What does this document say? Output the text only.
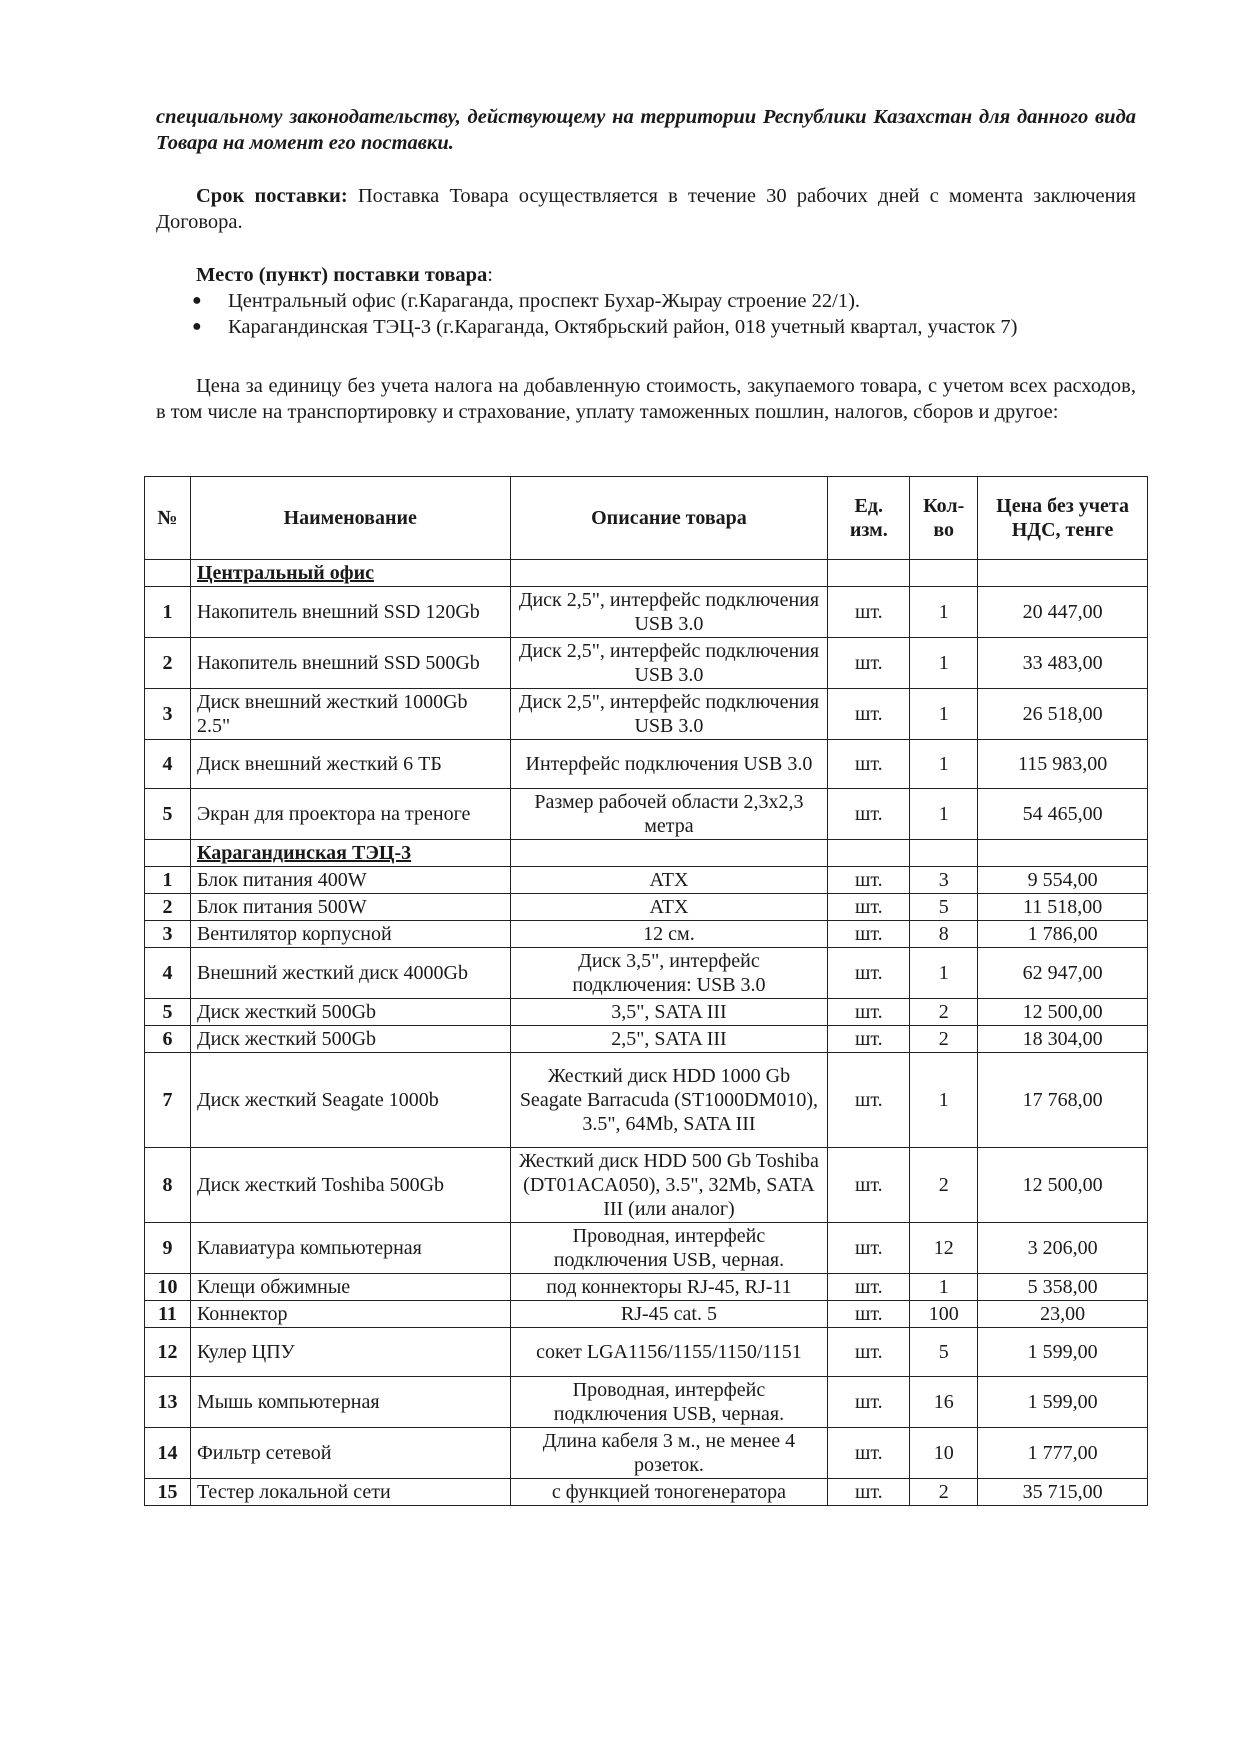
специальному законодательству, действующему на территории Республики Казахстан для данного вида Товара на момент его поставки.
Срок поставки: Поставка Товара осуществляется в течение 30 рабочих дней с момента заключения Договора.
Место (пункт) поставки товара:
● Центральный офис (г.Караганда, проспект Бухар-Жырау строение 22/1).
● Карагандинская ТЭЦ-3 (г.Караганда, Октябрьский район, 018 учетный квартал, участок 7)
Цена за единицу без учета налога на добавленную стоимость, закупаемого товара, с учетом всех расходов, в том числе на транспортировку и страхование, уплату таможенных пошлин, налогов, сборов и другое:
№	Наименование	Описание товара	Ед. изм.	Кол-во	Цена без учета НДС, тенге
	Центральный офис				
1	Накопитель внешний SSD 120Gb	Диск 2,5", интерфейс подключения USB 3.0	шт.	1	20 447,00
2	Накопитель внешний SSD 500Gb	Диск 2,5", интерфейс подключения USB 3.0	шт.	1	33 483,00
3	Диск внешний жесткий 1000Gb 2.5"	Диск 2,5", интерфейс подключения USB 3.0	шт.	1	26 518,00
4	Диск внешний жесткий 6 ТБ	Интерфейс подключения USB 3.0	шт.	1	115 983,00
5	Экран для проектора на треноге	Размер рабочей области 2,3х2,3 метра	шт.	1	54 465,00
	Карагандинская ТЭЦ-3				
1	Блок питания 400W	ATX	шт.	3	9 554,00
2	Блок питания 500W	ATX	шт.	5	11 518,00
3	Вентилятор корпусной	12 см.	шт.	8	1 786,00
4	Внешний жесткий диск 4000Gb	Диск 3,5", интерфейс подключения: USB 3.0	шт.	1	62 947,00
5	Диск жесткий 500Gb	3,5", SATA III	шт.	2	12 500,00
6	Диск жесткий 500Gb	2,5", SATA III	шт.	2	18 304,00
7	Диск жесткий Seagate 1000b	Жесткий диск HDD 1000 Gb Seagate Barracuda (ST1000DM010), 3.5", 64Mb, SATA III	шт.	1	17 768,00
8	Диск жесткий Toshiba 500Gb	Жесткий диск HDD 500 Gb Toshiba (DT01ACA050), 3.5", 32Mb, SATA III (или аналог)	шт.	2	12 500,00
9	Клавиатура компьютерная	Проводная, интерфейс подключения USB, черная.	шт.	12	3 206,00
10	Клещи обжимные	под коннекторы RJ-45, RJ-11	шт.	1	5 358,00
11	Коннектор	RJ-45 cat. 5	шт.	100	23,00
12	Кулер ЦПУ	сокет LGA1156/1155/1150/1151	шт.	5	1 599,00
13	Мышь компьютерная	Проводная, интерфейс подключения USB, черная.	шт.	16	1 599,00
14	Фильтр сетевой	Длина кабеля 3 м., не менее 4 розеток.	шт.	10	1 777,00
15	Тестер локальной сети	с функцией тоногенератора	шт.	2	35 715,00
